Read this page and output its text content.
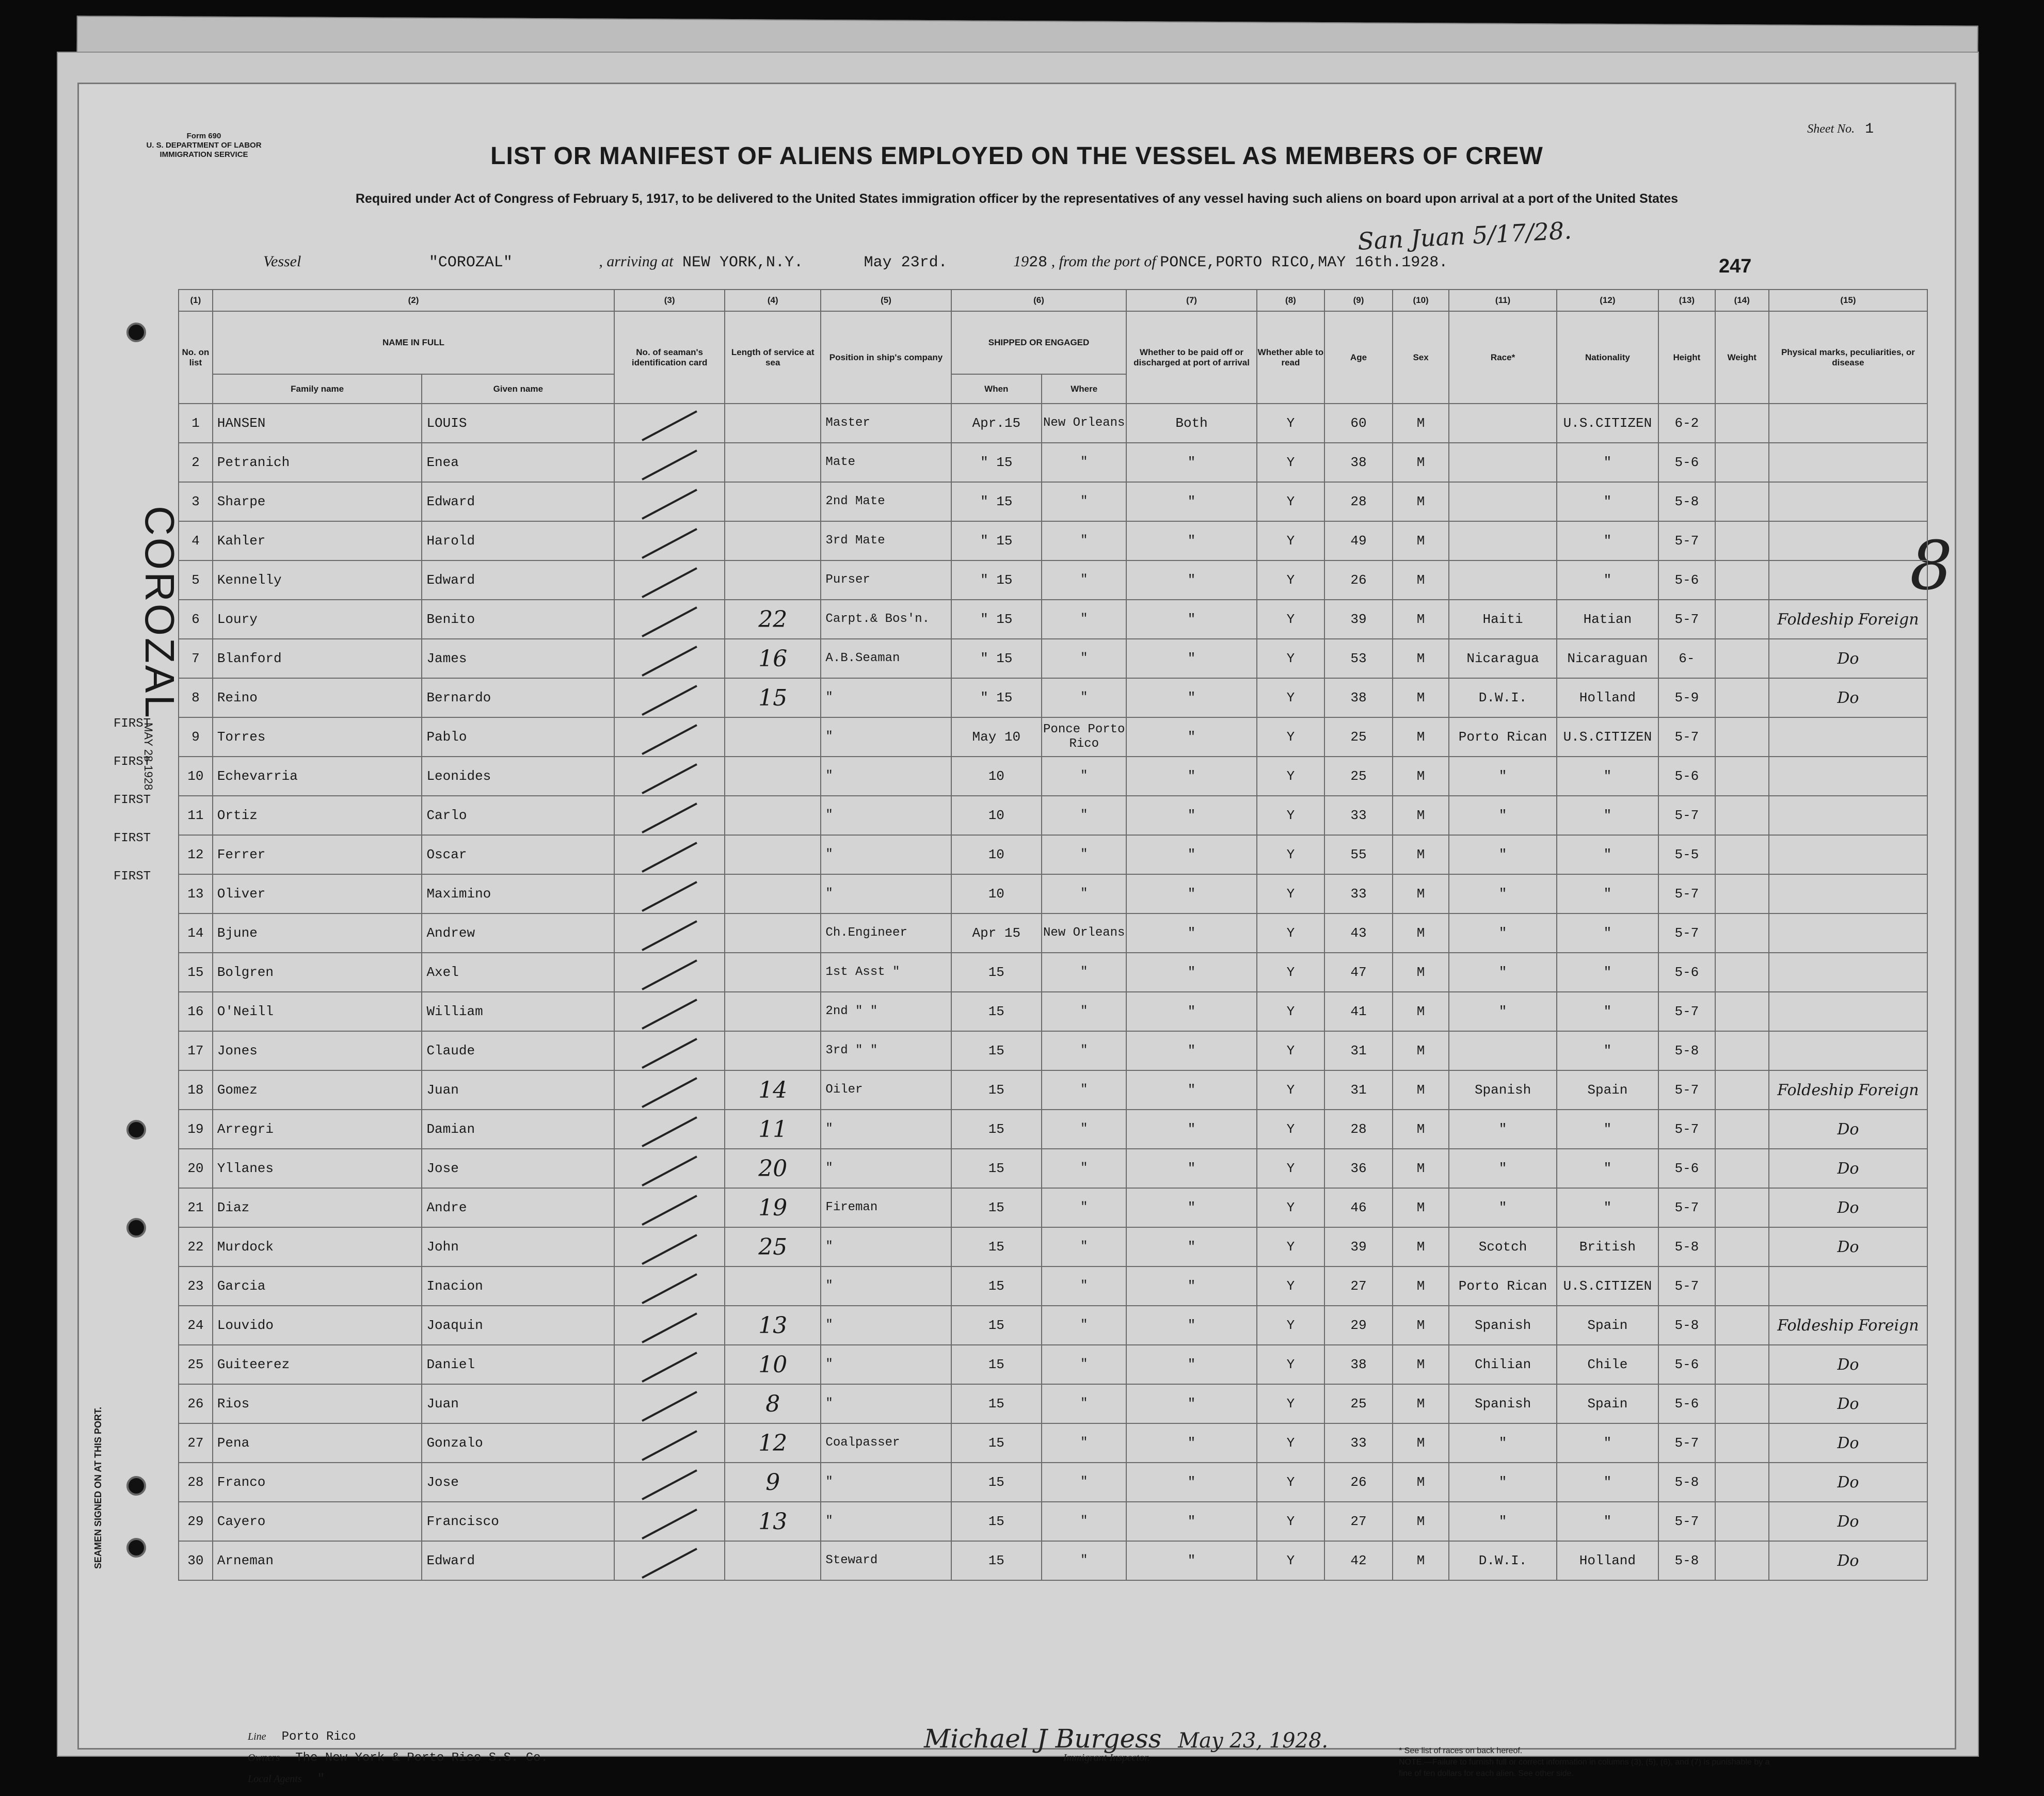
Form 690
U. S. DEPARTMENT OF LABOR
IMMIGRATION SERVICE
Sheet No. 1
LIST OR MANIFEST OF ALIENS EMPLOYED ON THE VESSEL AS MEMBERS OF CREW
Required under Act of Congress of February 5, 1917, to be delivered to the United States immigration officer by the representatives of any vessel having such aliens on board upon arrival at a port of the United States
San Juan 5/17/28.
Vessel	"COROZAL"	, arriving at NEW YORK,N.Y.	May 23rd.	1928 , from the port of PONCE,PORTO RICO,MAY 16th.1928.	247
COROZAL	8
SEAMEN SIGNED ON AT THIS PORT.
MAY 28 1928
(1)	(2)		(3)	(4)	(5)	(6)		(7)	(8)	(9)	(10)	(11)	(12)	(13)	(14)	(15)
No. on list	NAME IN FULL		No. of seaman's identification card	Length of service at sea	Position in ship's company	SHIPPED OR ENGAGED		Whether to be paid off or discharged at port of arrival	Whether able to read	Age	Sex	Race*	Nationality	Height	Weight	Physical marks, peculiarities, or disease
	Family name	Given name				When	Where									
1	HANSEN	LOUIS			Master	Apr.15	New Orleans	Both	Y	60	M		U.S.CITIZEN	6-2		
2	Petranich	Enea			Mate	" 15	"	"	Y	38	M		"	5-6		
3	Sharpe	Edward			2nd Mate	" 15	"	"	Y	28	M		"	5-8		
4	Kahler	Harold			3rd Mate	" 15	"	"	Y	49	M		"	5-7		
5	Kennelly	Edward			Purser	" 15	"	"	Y	26	M		"	5-6		
6	Loury	Benito		22	Carpt.& Bos'n.	" 15	"	"	Y	39	M	Haiti	Hatian	5-7		Foldeship Foreign
7	Blanford	James		16	A.B.Seaman	" 15	"	"	Y	53	M	Nicaragua	Nicaraguan	6-		Do
8	Reino	Bernardo		15	"	" 15	"	"	Y	38	M	D.W.I.	Holland	5-9		Do
9	Torres	Pablo			"	May 10	Ponce Porto Rico	"	Y	25	M	Porto Rican	U.S.CITIZEN	5-7		
10	Echevarria	Leonides			"	10	"	"	Y	25	M	"	"	5-6		
11	Ortiz	Carlo			"	10	"	"	Y	33	M	"	"	5-7		
12	Ferrer	Oscar			"	10	"	"	Y	55	M	"	"	5-5		
13	Oliver	Maximino			"	10	"	"	Y	33	M	"	"	5-7		
14	Bjune	Andrew			Ch.Engineer	Apr 15	New Orleans	"	Y	43	M	"	"	5-7		
15	Bolgren	Axel			1st Asst "	15	"	"	Y	47	M	"	"	5-6		
16	O'Neill	William			2nd " "	15	"	"	Y	41	M	"	"	5-7		
17	Jones	Claude			3rd " "	15	"	"	Y	31	M		"	5-8		
18	Gomez	Juan		14	Oiler	15	"	"	Y	31	M	Spanish	Spain	5-7		Foldeship Foreign
19	Arregri	Damian		11	"	15	"	"	Y	28	M	"	"	5-7		Do
20	Yllanes	Jose		20	"	15	"	"	Y	36	M	"	"	5-6		Do
21	Diaz	Andre		19	Fireman	15	"	"	Y	46	M	"	"	5-7		Do
22	Murdock	John		25	"	15	"	"	Y	39	M	Scotch	British	5-8		Do
23	Garcia	Inacion			"	15	"	"	Y	27	M	Porto Rican	U.S.CITIZEN	5-7		
24	Louvido	Joaquin		13	"	15	"	"	Y	29	M	Spanish	Spain	5-8		Foldeship Foreign
25	Guiteerez	Daniel		10	"	15	"	"	Y	38	M	Chilian	Chile	5-6		Do
26	Rios	Juan		8	"	15	"	"	Y	25	M	Spanish	Spain	5-6		Do
27	Pena	Gonzalo		12	Coalpasser	15	"	"	Y	33	M	"	"	5-7		Do
28	Franco	Jose		9	"	15	"	"	Y	26	M	"	"	5-8		Do
29	Cayero	Francisco		13	"	15	"	"	Y	27	M	"	"	5-7		Do
30	Arneman	Edward			Steward	15	"	"	Y	42	M	D.W.I.	Holland	5-8		Do
Line Porto Rico
Owners The New York & Porto Rico S.S. Co.
Local Agents "
Michael J Burgess May 23, 1928.
Immigrant Inspector.
* See list of races on back hereof.
NOTE.—Failure to furnish full or correct information in columns (3), (5), (6), and (7) is punishable by a fine of ten dollars for each alien. See other side.
FIRST
FIRST
FIRST
FIRST
FIRST
